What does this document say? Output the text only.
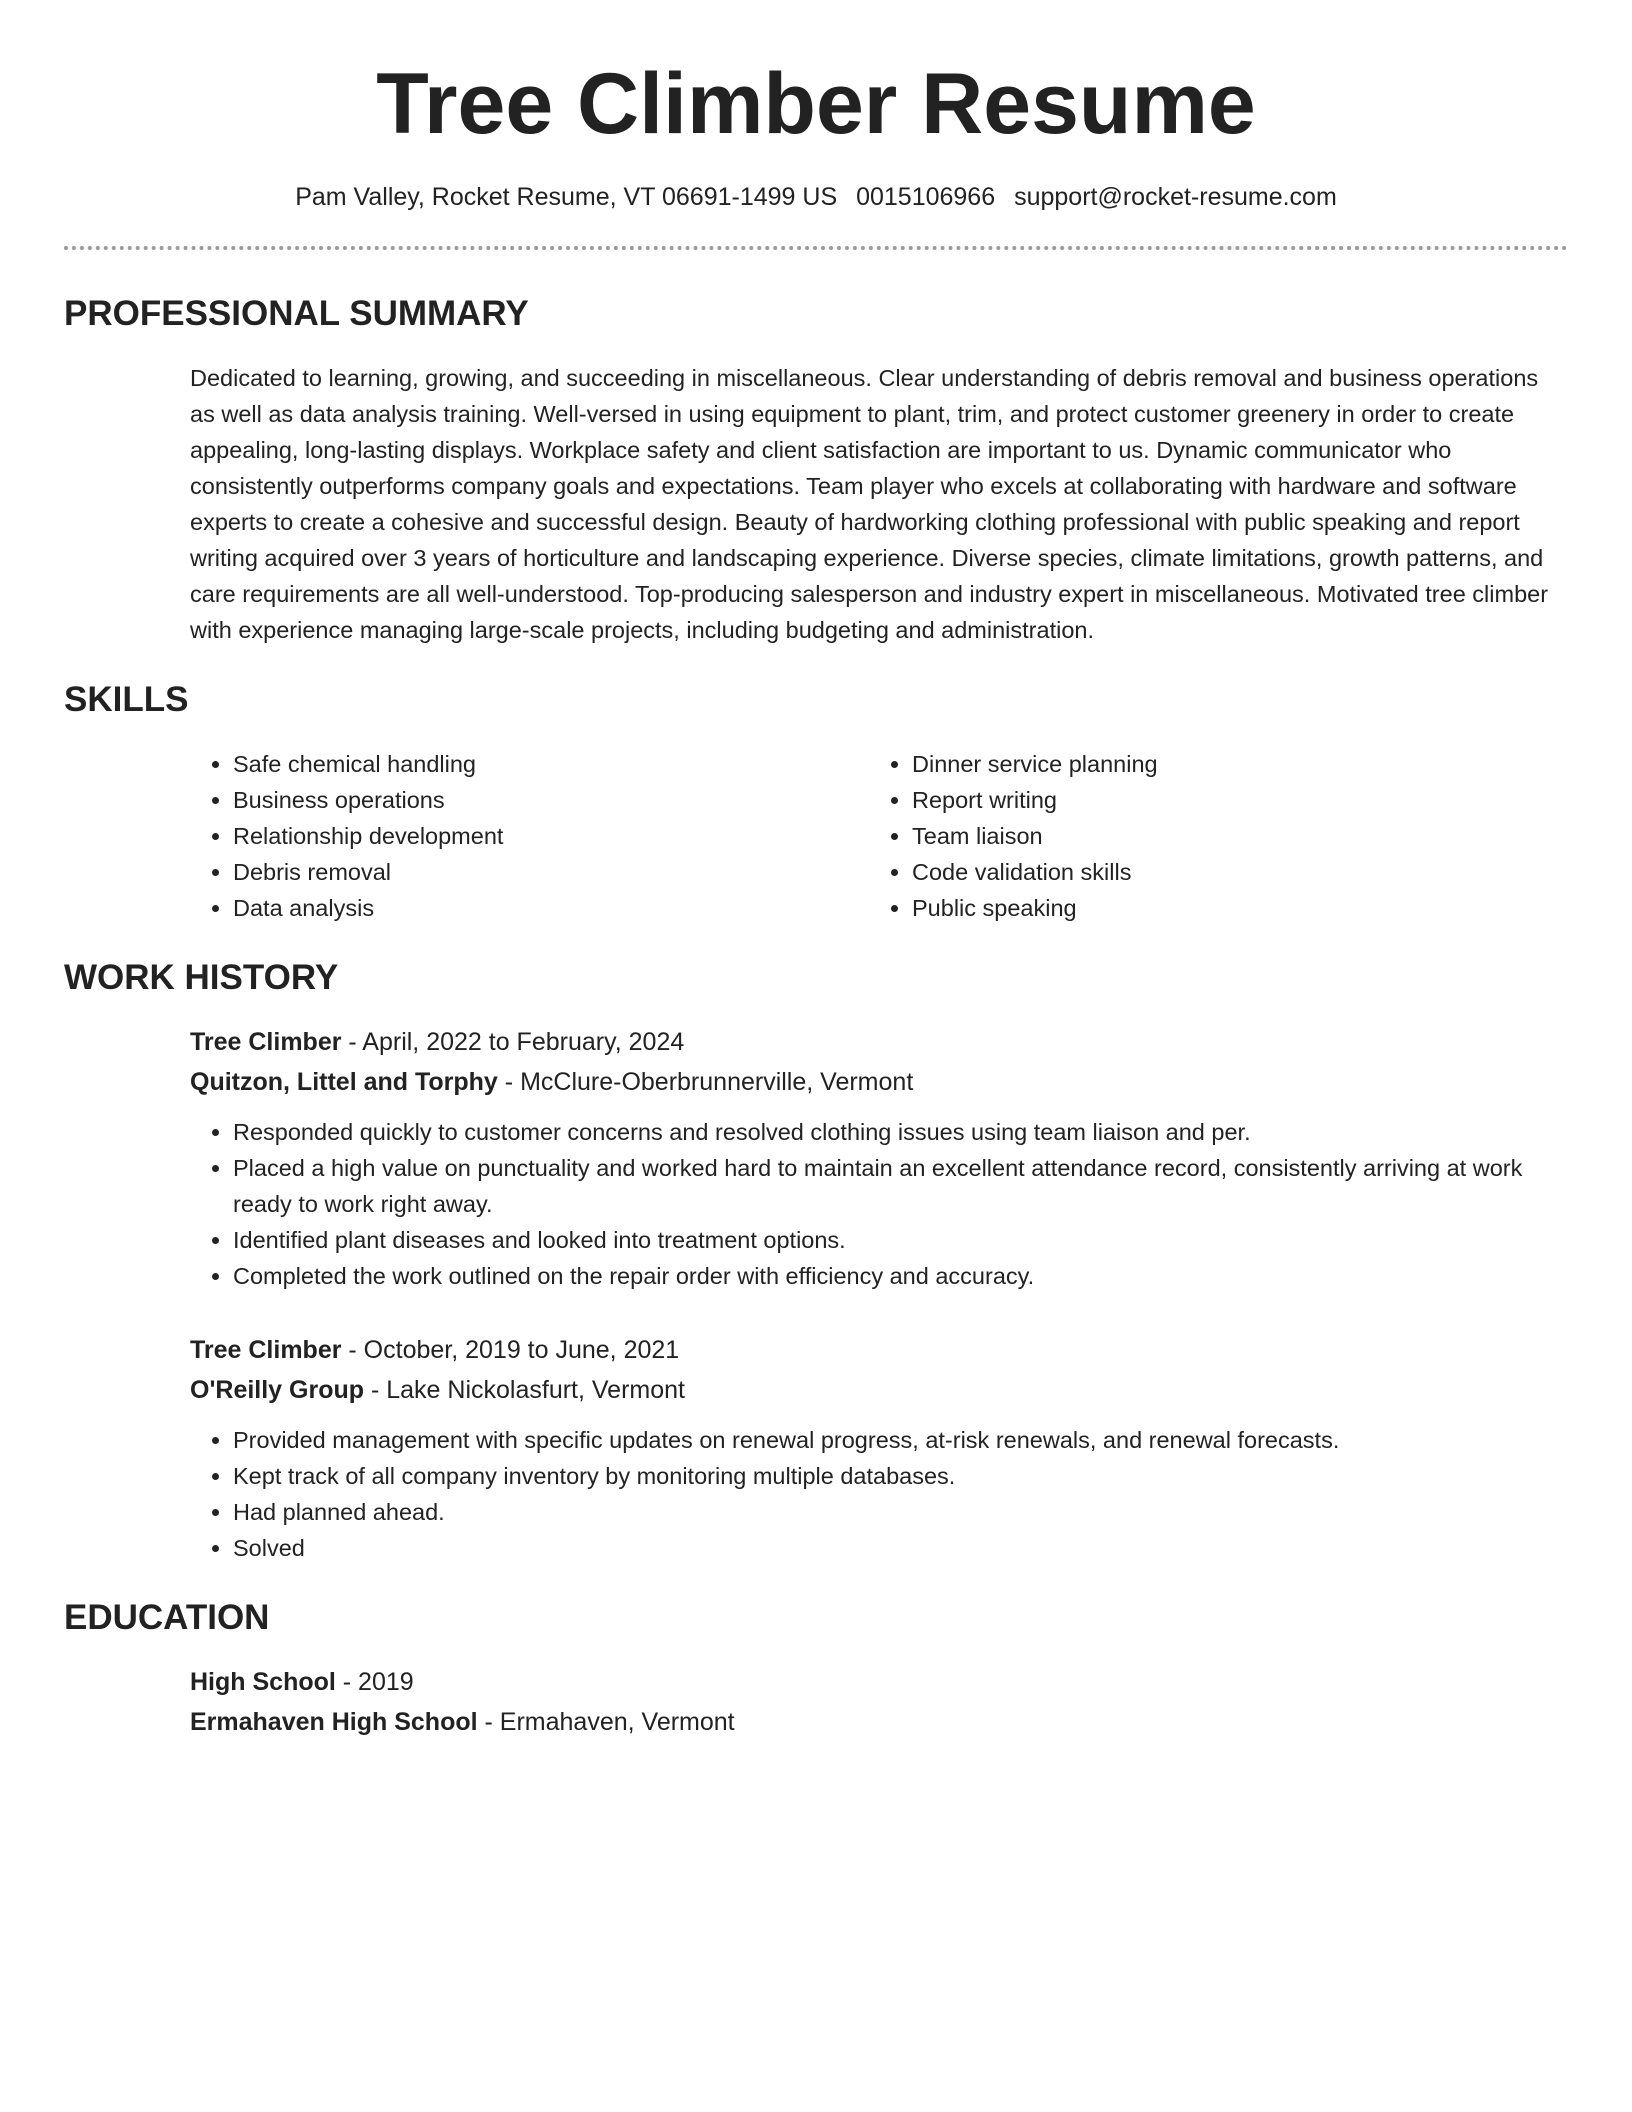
Tree Climber Resume
Pam Valley, Rocket Resume, VT 06691-1499 US 0015106966 support@rocket-resume.com
PROFESSIONAL SUMMARY

Dedicated to learning, growing, and succeeding in miscellaneous. Clear understanding of debris removal and business operations as well as data analysis training. Well-versed in using equipment to plant, trim, and protect customer greenery in order to create appealing, long-lasting displays. Workplace safety and client satisfaction are important to us. Dynamic communicator who consistently outperforms company goals and expectations. Team player who excels at collaborating with hardware and software experts to create a cohesive and successful design. Beauty of hardworking clothing professional with public speaking and report writing acquired over 3 years of horticulture and landscaping experience. Diverse species, climate limitations, growth patterns, and care requirements are all well-understood. Top-producing salesperson and industry expert in miscellaneous. Motivated tree climber with experience managing large-scale projects, including budgeting and administration.

SKILLS
• Safe chemical handling
• Business operations
• Relationship development
• Debris removal
• Data analysis
• Dinner service planning
• Report writing
• Team liaison
• Code validation skills
• Public speaking
WORK HISTORY
Tree Climber - April, 2022 to February, 2024
Quitzon, Littel and Torphy - McClure-Oberbrunnerville, Vermont
• Responded quickly to customer concerns and resolved clothing issues using team liaison and per.
• Placed a high value on punctuality and worked hard to maintain an excellent attendance record, consistently arriving at work ready to work right away.
• Identified plant diseases and looked into treatment options.
• Completed the work outlined on the repair order with efficiency and accuracy.
Tree Climber - October, 2019 to June, 2021
O'Reilly Group - Lake Nickolasfurt, Vermont
• Provided management with specific updates on renewal progress, at-risk renewals, and renewal forecasts.
• Kept track of all company inventory by monitoring multiple databases.
• Had planned ahead.
• Solved
EDUCATION
High School - 2019
Ermahaven High School - Ermahaven, Vermont
